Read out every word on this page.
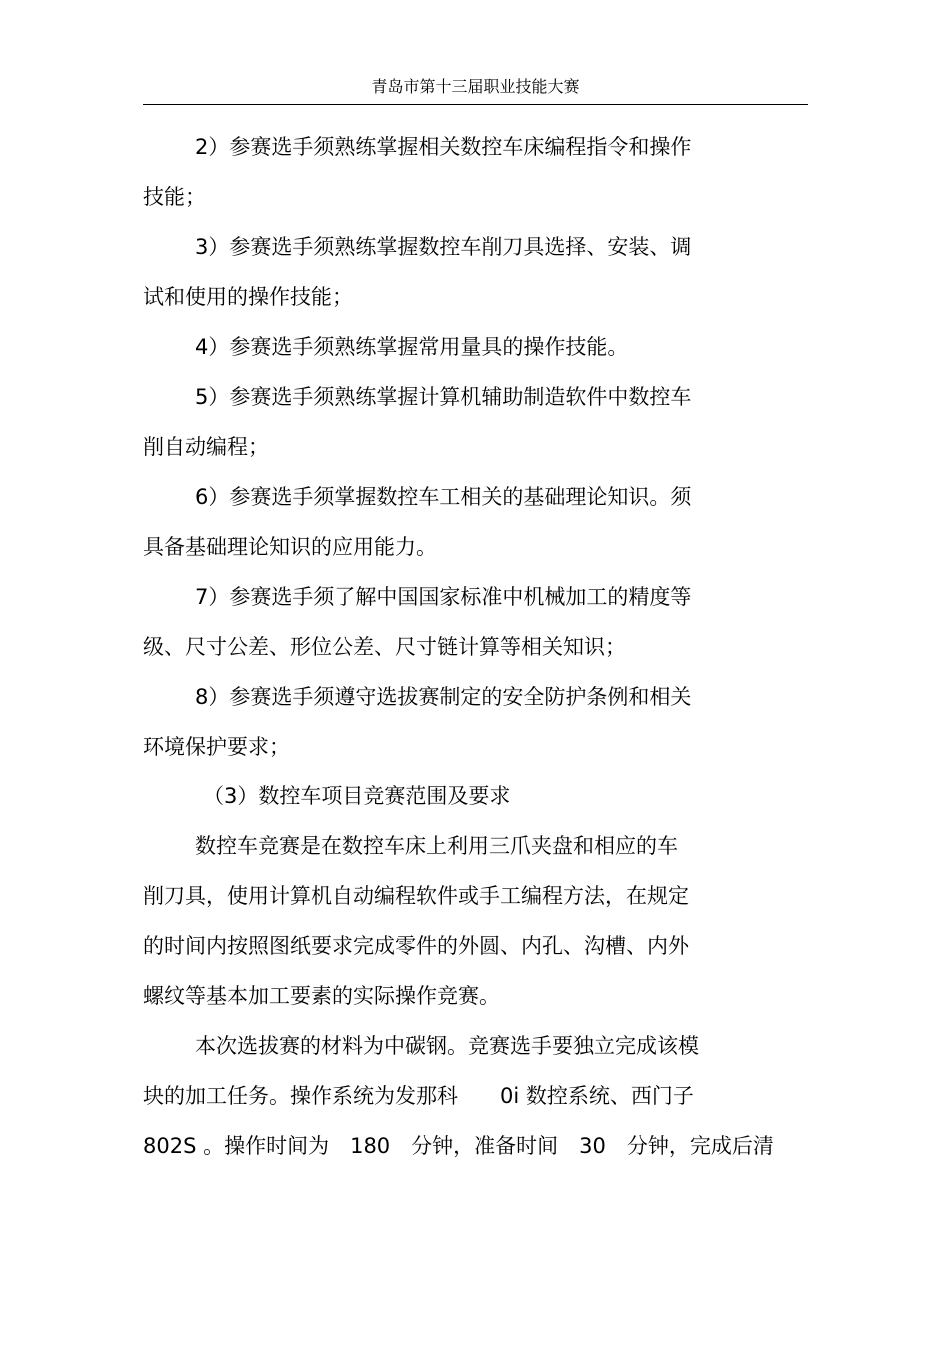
青岛市第十三届职业技能大赛
2）参赛选手须熟练掌握相关数控车床编程指令和操作
技能；
3）参赛选手须熟练掌握数控车削刀具选择、安装、调
试和使用的操作技能；
4）参赛选手须熟练掌握常用量具的操作技能。
5）参赛选手须熟练掌握计算机辅助制造软件中数控车
削自动编程；
6）参赛选手须掌握数控车工相关的基础理论知识。须
具备基础理论知识的应用能力。
7）参赛选手须了解中国国家标准中机械加工的精度等
级、尺寸公差、形位公差、尺寸链计算等相关知识；
8）参赛选手须遵守选拔赛制定的安全防护条例和相关
环境保护要求；
（3）数控车项目竞赛范围及要求
数控车竞赛是在数控车床上利用三爪夹盘和相应的车
削刀具，使用计算机自动编程软件或手工编程方法，在规定
的时间内按照图纸要求完成零件的外圆、内孔、沟槽、内外
螺纹等基本加工要素的实际操作竞赛。
本次选拔赛的材料为中碳钢。竞赛选手要独立完成该模
块的加工任务。操作系统为发那科　　0i 数控系统、西门子
802S 。操作时间为　180　分钟，准备时间　30　分钟，完成后清
